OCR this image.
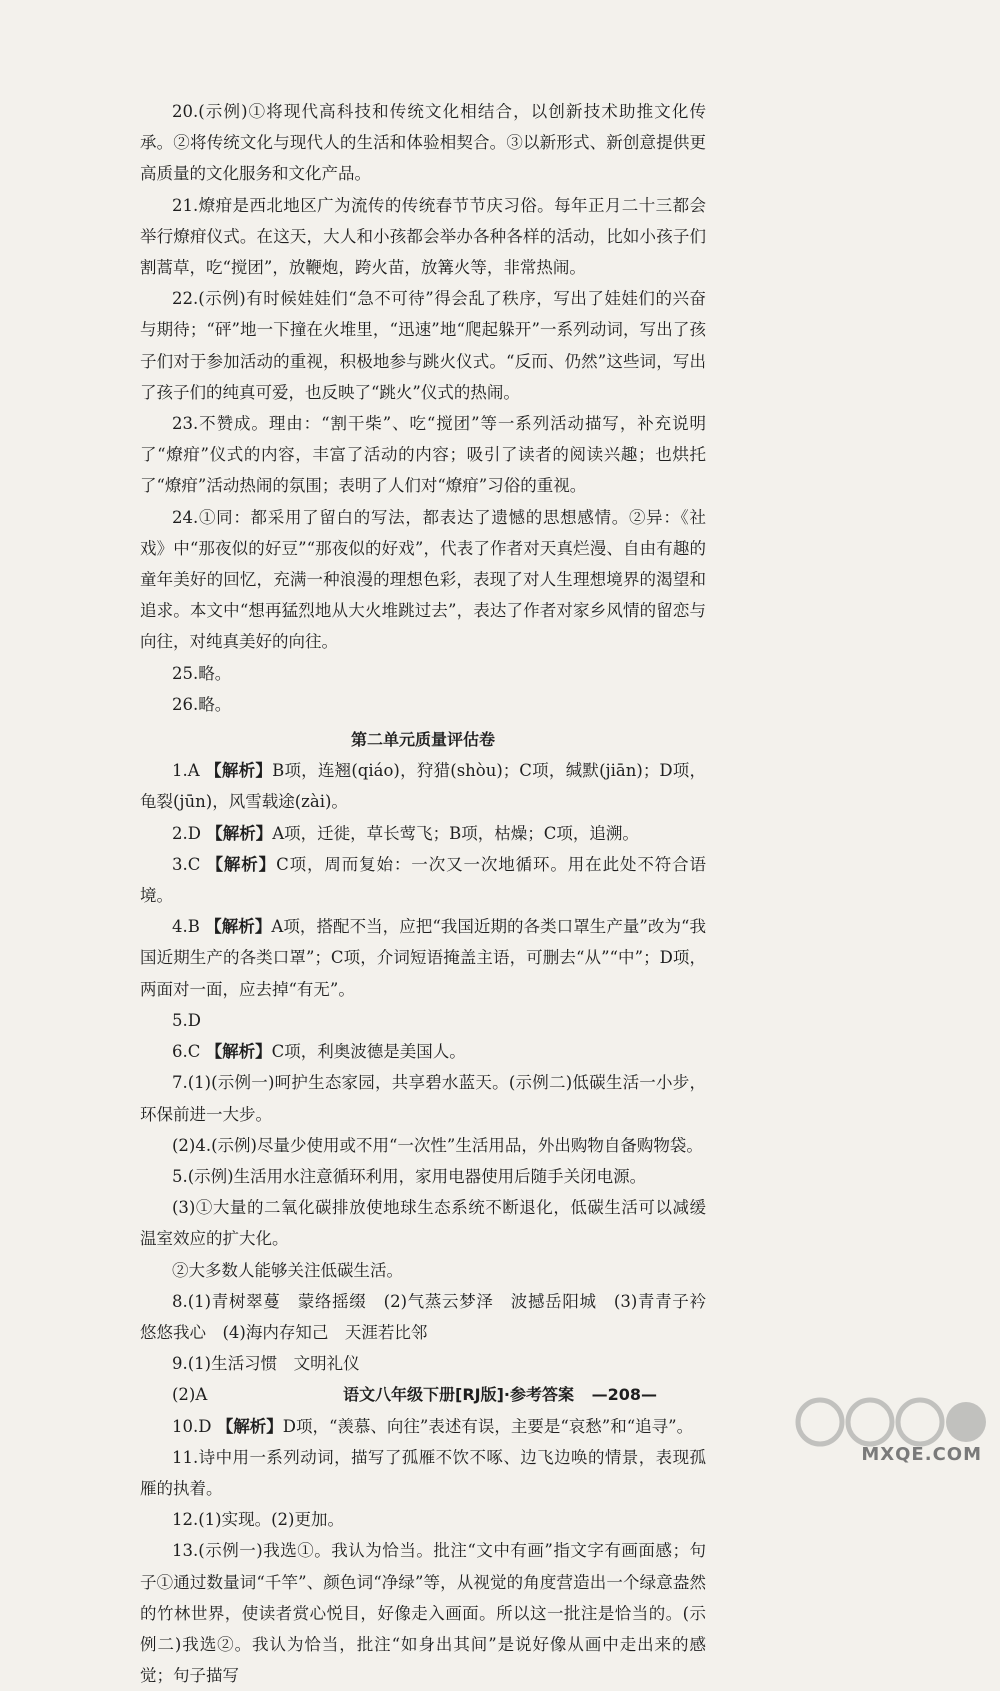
20.(示例)①将现代高科技和传统文化相结合，以创新技术助推文化传承。②将传统文化与现代人的生活和体验相契合。③以新形式、新创意提供更高质量的文化服务和文化产品。

21.燎疳是西北地区广为流传的传统春节节庆习俗。每年正月二十三都会举行燎疳仪式。在这天，大人和小孩都会举办各种各样的活动，比如小孩子们割蒿草，吃“搅团”，放鞭炮，跨火苗，放篝火等，非常热闹。

22.(示例)有时候娃娃们“急不可待”得会乱了秩序，写出了娃娃们的兴奋与期待；“砰”地一下撞在火堆里，“迅速”地“爬起躲开”一系列动词，写出了孩子们对于参加活动的重视，积极地参与跳火仪式。“反而、仍然”这些词，写出了孩子们的纯真可爱，也反映了“跳火”仪式的热闹。

23.不赞成。理由：“割干柴”、吃“搅团”等一系列活动描写，补充说明了“燎疳”仪式的内容，丰富了活动的内容；吸引了读者的阅读兴趣；也烘托了“燎疳”活动热闹的氛围；表明了人们对“燎疳”习俗的重视。

24.①同：都采用了留白的写法，都表达了遗憾的思想感情。②异：《社戏》中“那夜似的好豆”“那夜似的好戏”，代表了作者对天真烂漫、自由有趣的童年美好的回忆，充满一种浪漫的理想色彩，表现了对人生理想境界的渴望和追求。本文中“想再猛烈地从大火堆跳过去”，表达了作者对家乡风情的留恋与向往，对纯真美好的向往。

25.略。

26.略。

第二单元质量评估卷

1.A 【解析】B项，连翘(qiáo)，狩猎(shòu)；C项，缄默(jiān)；D项，龟裂(jūn)，风雪载途(zài)。

2.D 【解析】A项，迁徙，草长莺飞；B项，枯燥；C项，追溯。

3.C 【解析】C项，周而复始：一次又一次地循环。用在此处不符合语境。

4.B 【解析】A项，搭配不当，应把“我国近期的各类口罩生产量”改为“我国近期生产的各类口罩”；C项，介词短语掩盖主语，可删去“从”“中”；D项，两面对一面，应去掉“有无”。

5.D

6.C 【解析】C项，利奥波德是美国人。

7.(1)(示例一)呵护生态家园，共享碧水蓝天。(示例二)低碳生活一小步，环保前进一大步。

(2)4.(示例)尽量少使用或不用“一次性”生活用品，外出购物自备购物袋。

5.(示例)生活用水注意循环利用，家用电器使用后随手关闭电源。

(3)①大量的二氧化碳排放使地球生态系统不断退化，低碳生活可以减缓温室效应的扩大化。

②大多数人能够关注低碳生活。

8.(1)青树翠蔓　蒙络摇缀　(2)气蒸云梦泽　波撼岳阳城　(3)青青子衿　悠悠我心　(4)海内存知己　天涯若比邻

9.(1)生活习惯　文明礼仪

(2)A

10.D 【解析】D项，“羡慕、向往”表述有误，主要是“哀愁”和“追寻”。

11.诗中用一系列动词，描写了孤雁不饮不啄、边飞边唤的情景，表现孤雁的执着。

12.(1)实现。(2)更加。

13.(示例一)我选①。我认为恰当。批注“文中有画”指文字有画面感；句子①通过数量词“千竿”、颜色词“净绿”等，从视觉的角度营造出一个绿意盎然的竹林世界，使读者赏心悦目，好像走入画面。所以这一批注是恰当的。(示例二)我选②。我认为恰当，批注“如身出其间”是说好像从画中走出来的感觉；句子描写

语文八年级下册[RJ版]·参考答案 —208—
MXQE.COM
